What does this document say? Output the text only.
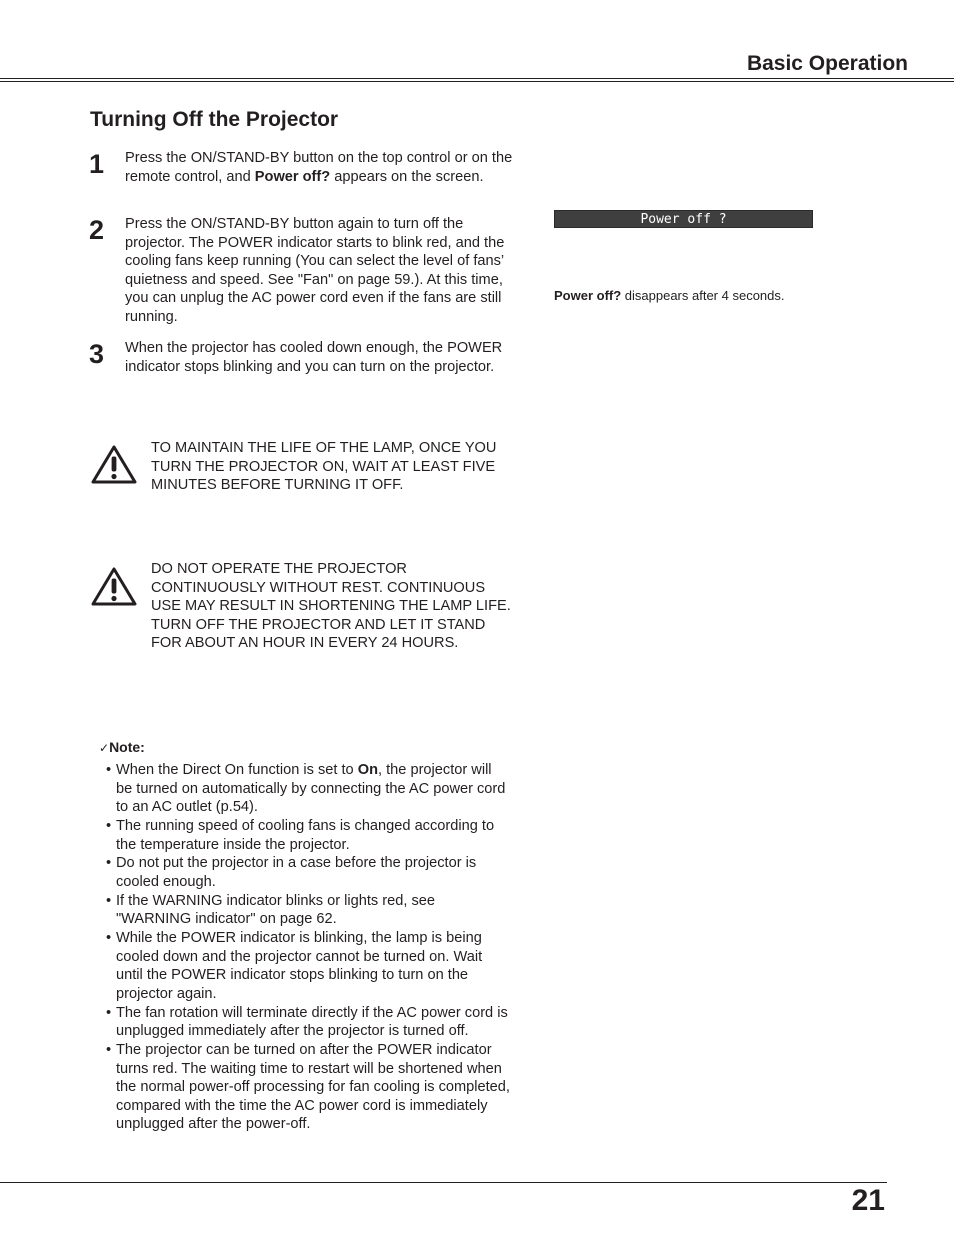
Basic Operation
Turning Off the Projector
1 Press the ON/STAND-BY button on the top control or on the remote control, and Power off? appears on the screen.
2 Press the ON/STAND-BY button again to turn off the projector. The POWER indicator starts to blink red, and the cooling fans keep running (You can select the level of fans’ quietness and speed. See "Fan" on page 59.). At this time, you can unplug the AC power cord even if the fans are still running.
3 When the projector has cooled down enough, the POWER indicator stops blinking and you can turn on the projector.
TO MAINTAIN THE LIFE OF THE LAMP, ONCE YOU TURN THE PROJECTOR ON, WAIT AT LEAST FIVE MINUTES BEFORE TURNING IT OFF.
DO NOT OPERATE THE PROJECTOR CONTINUOUSLY WITHOUT REST. CONTINUOUS USE MAY RESULT IN SHORTENING THE LAMP LIFE. TURN OFF THE PROJECTOR AND LET IT STAND FOR ABOUT AN HOUR IN EVERY 24 HOURS.
Power off ?
Power off? disappears after 4 seconds.
✓Note:
• When the Direct On function is set to On, the projector will be turned on automatically by connecting the AC power cord to an AC outlet (p.54).
• The running speed of cooling fans is changed according to the temperature inside the projector.
• Do not put the projector in a case before the projector is cooled enough.
• If the WARNING indicator blinks or lights red, see "WARNING indicator" on page 62.
• While the POWER indicator is blinking, the lamp is being cooled down and the projector cannot be turned on. Wait until the POWER indicator stops blinking to turn on the projector again.
• The fan rotation will terminate directly if the AC power cord is unplugged immediately after the projector is turned off.
• The projector can be turned on after the POWER indicator turns red. The waiting time to restart will be shortened when the normal power-off processing for fan cooling is completed, compared with the time the AC power cord is immediately unplugged after the power-off.
21
